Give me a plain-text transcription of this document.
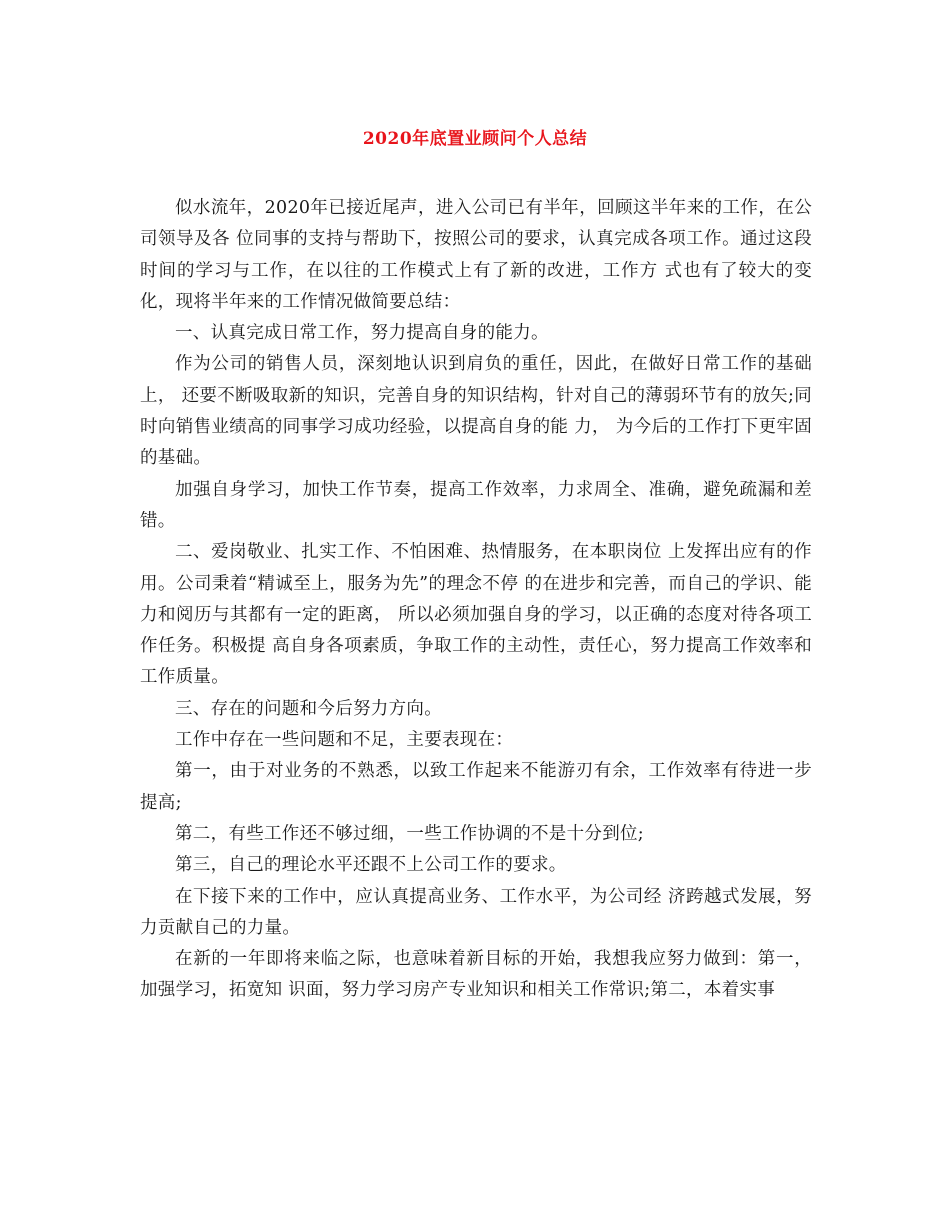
2020年底置业顾问个人总结

似水流年，2020年已接近尾声，进入公司已有半年，回顾这半年来的工作，在公司领导及各 位同事的支持与帮助下，按照公司的要求，认真完成各项工作。通过这段时间的学习与工作，在以往的工作模式上有了新的改进，工作方 式也有了较大的变化，现将半年来的工作情况做简要总结：

一、认真完成日常工作，努力提高自身的能力。

作为公司的销售人员，深刻地认识到肩负的重任，因此，在做好日常工作的基础上， 还要不断吸取新的知识，完善自身的知识结构，针对自己的薄弱环节有的放矢;同时向销售业绩高的同事学习成功经验，以提高自身的能 力， 为今后的工作打下更牢固的基础。

加强自身学习，加快工作节奏，提高工作效率，力求周全、准确，避免疏漏和差错。

二、爱岗敬业、扎实工作、不怕困难、热情服务，在本职岗位 上发挥出应有的作用。公司秉着“精诚至上，服务为先”的理念不停 的在进步和完善，而自己的学识、能力和阅历与其都有一定的距离， 所以必须加强自身的学习，以正确的态度对待各项工作任务。积极提 高自身各项素质，争取工作的主动性，责任心，努力提高工作效率和 工作质量。

三、存在的问题和今后努力方向。

工作中存在一些问题和不足，主要表现在：

第一，由于对业务的不熟悉，以致工作起来不能游刃有余，工作效率有待进一步提高;

第二，有些工作还不够过细，一些工作协调的不是十分到位;

第三，自己的理论水平还跟不上公司工作的要求。

在下接下来的工作中，应认真提高业务、工作水平，为公司经 济跨越式发展，努力贡献自己的力量。

在新的一年即将来临之际，也意味着新目标的开始，我想我应努力做到：第一，加强学习，拓宽知 识面，努力学习房产专业知识和相关工作常识;第二，本着实事
